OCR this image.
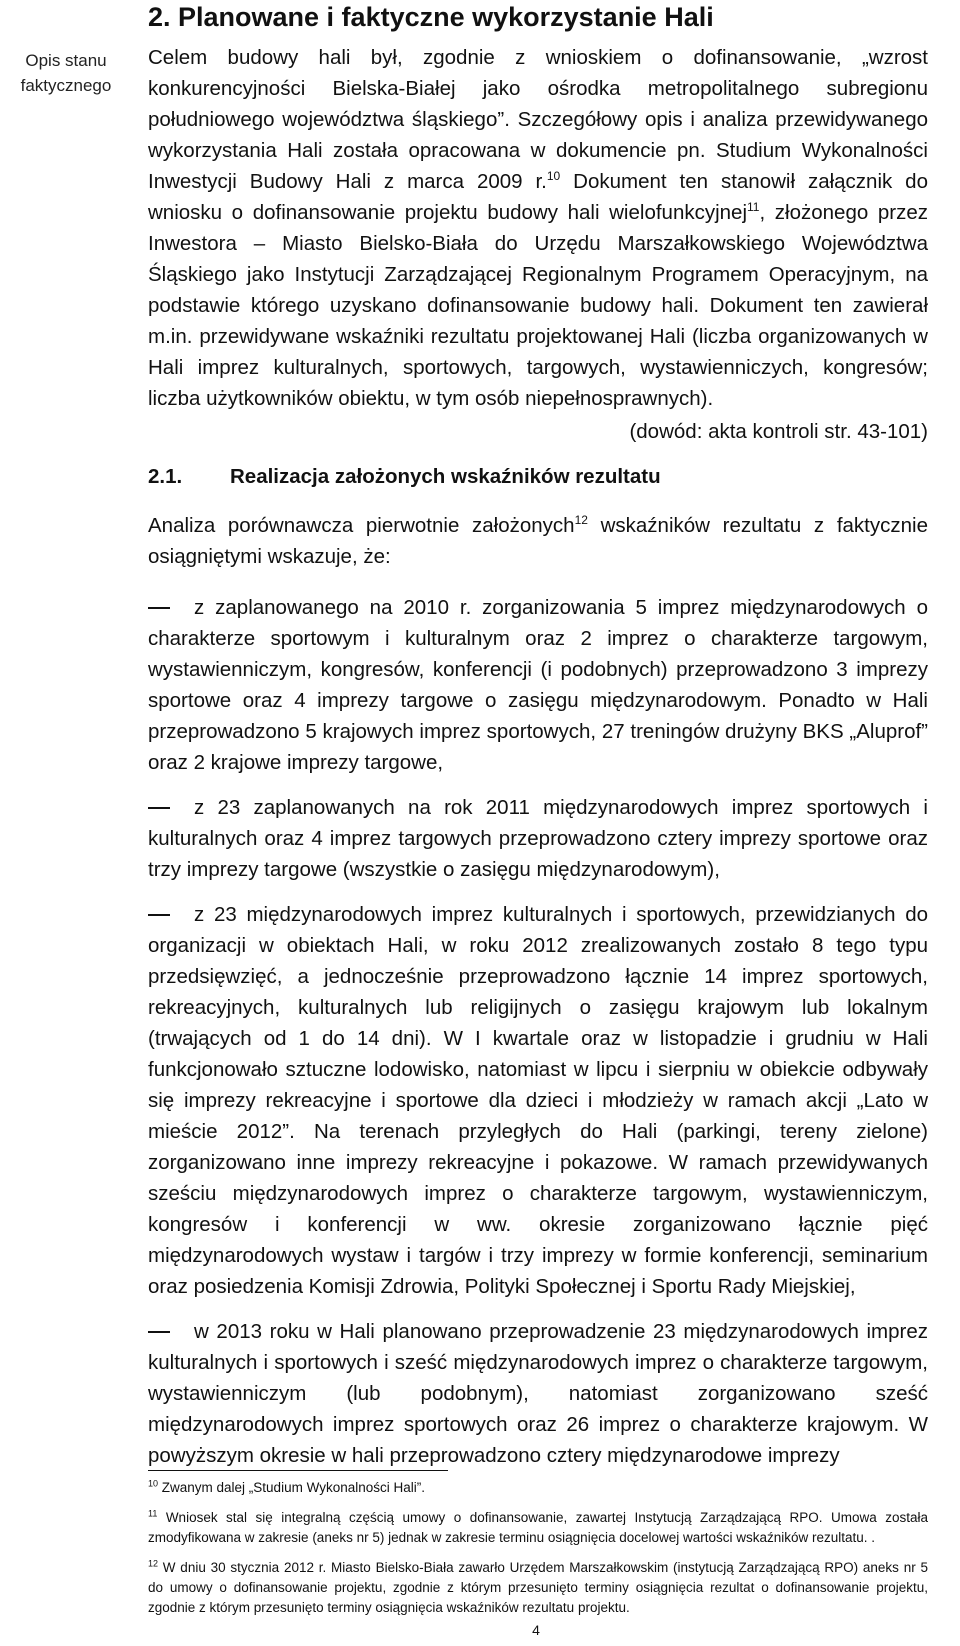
2. Planowane i faktyczne wykorzystanie Hali
Opis stanu faktycznego

Celem budowy hali był, zgodnie z wnioskiem o dofinansowanie, „wzrost konkurencyjności Bielska-Białej jako ośrodka metropolitalnego subregionu południowego województwa śląskiego”. Szczegółowy opis i analiza przewidywanego wykorzystania Hali została opracowana w dokumencie pn. Studium Wykonalności Inwestycji Budowy Hali z marca 2009 r.$^{10}$ Dokument ten stanowił załącznik do wniosku o dofinansowanie projektu budowy hali wielofunkcyjnej$^{11}$, złożonego przez Inwestora – Miasto Bielsko-Biała do Urzędu Marszałkowskiego Województwa Śląskiego jako Instytucji Zarządzającej Regionalnym Programem Operacyjnym, na podstawie którego uzyskano dofinansowanie budowy hali. Dokument ten zawierał m.in. przewidywane wskaźniki rezultatu projektowanej Hali (liczba organizowanych w Hali imprez kulturalnych, sportowych, targowych, wystawienniczych, kongresów; liczba użytkowników obiektu, w tym osób niepełnosprawnych).

(dowód: akta kontroli str. 43-101)

2.1. Realizacja założonych wskaźników rezultatu

Analiza porównawcza pierwotnie założonych$^{12}$ wskaźników rezultatu z faktycznie osiągniętymi wskazuje, że:

z zaplanowanego na 2010 r. zorganizowania 5 imprez międzynarodowych o charakterze sportowym i kulturalnym oraz 2 imprez o charakterze targowym, wystawienniczym, kongresów, konferencji (i podobnych) przeprowadzono 3 imprezy sportowe oraz 4 imprezy targowe o zasięgu międzynarodowym. Ponadto w Hali przeprowadzono 5 krajowych imprez sportowych, 27 treningów drużyny BKS „Aluprof” oraz 2 krajowe imprezy targowe,

z 23 zaplanowanych na rok 2011 międzynarodowych imprez sportowych i kulturalnych oraz 4 imprez targowych przeprowadzono cztery imprezy sportowe oraz trzy imprezy targowe (wszystkie o zasięgu międzynarodowym),

z 23 międzynarodowych imprez kulturalnych i sportowych, przewidzianych do organizacji w obiektach Hali, w roku 2012 zrealizowanych zostało 8 tego typu przedsięwzięć, a jednocześnie przeprowadzono łącznie 14 imprez sportowych, rekreacyjnych, kulturalnych lub religijnych o zasięgu krajowym lub lokalnym (trwających od 1 do 14 dni). W I kwartale oraz w listopadzie i grudniu w Hali funkcjonowało sztuczne lodowisko, natomiast w lipcu i sierpniu w obiekcie odbywały się imprezy rekreacyjne i sportowe dla dzieci i młodzieży w ramach akcji „Lato w mieście 2012”. Na terenach przyległych do Hali (parkingi, tereny zielone) zorganizowano inne imprezy rekreacyjne i pokazowe. W ramach przewidywanych sześciu międzynarodowych imprez o charakterze targowym, wystawienniczym, kongresów i konferencji w ww. okresie zorganizowano łącznie pięć międzynarodowych wystaw i targów i trzy imprezy w formie konferencji, seminarium oraz posiedzenia Komisji Zdrowia, Polityki Społecznej i Sportu Rady Miejskiej,

w 2013 roku w Hali planowano przeprowadzenie 23 międzynarodowych imprez kulturalnych i sportowych i sześć międzynarodowych imprez o charakterze targowym, wystawienniczym (lub podobnym), natomiast zorganizowano sześć międzynarodowych imprez sportowych oraz 26 imprez o charakterze krajowym. W powyższym okresie w hali przeprowadzono cztery międzynarodowe imprezy

$^{10}$ Zwanym dalej „Studium Wykonalności Hali”.

$^{11}$ Wniosek stal się integralną częścią umowy o dofinansowanie, zawartej Instytucją Zarządzającą RPO. Umowa została zmodyfikowana w zakresie (aneks nr 5) jednak w zakresie terminu osiągnięcia docelowej wartości wskaźników rezultatu. .

$^{12}$ W dniu 30 stycznia 2012 r. Miasto Bielsko-Biała zawarło Urzędem Marszałkowskim (instytucją Zarządzającą RPO) aneks nr 5 do umowy o dofinansowanie projektu, zgodnie z którym przesunięto terminy osiągnięcia rezultat o dofinansowanie projektu, zgodnie z którym przesunięto terminy osiągnięcia wskaźników rezultatu projektu.

4
